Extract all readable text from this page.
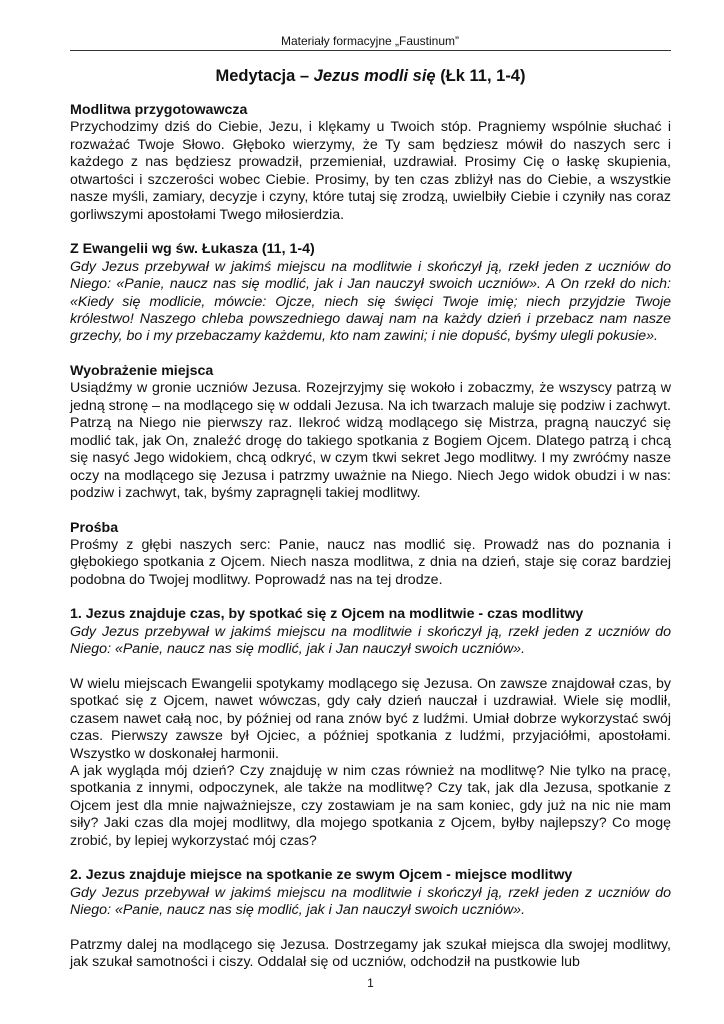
Materiały formacyjne „Faustinum”
Medytacja – Jezus modli się (Łk 11, 1-4)
Modlitwa przygotowawcza

Przychodzimy dziś do Ciebie, Jezu, i klękamy u Twoich stóp. Pragniemy wspólnie słuchać i rozważać Twoje Słowo. Głęboko wierzymy, że Ty sam będziesz mówił do naszych serc i każdego z nas będziesz prowadził, przemieniał, uzdrawiał. Prosimy Cię o łaskę skupienia, otwartości i szczerości wobec Ciebie. Prosimy, by ten czas zbliżył nas do Ciebie, a wszystkie nasze myśli, zamiary, decyzje i czyny, które tutaj się zrodzą, uwielbiły Ciebie i czyniły nas coraz gorliwszymi apostołami Twego miłosierdzia.

Z Ewangelii wg św. Łukasza (11, 1-4)

Gdy Jezus przebywał w jakimś miejscu na modlitwie i skończył ją, rzekł jeden z uczniów do Niego: «Panie, naucz nas się modlić, jak i Jan nauczył swoich uczniów». A On rzekł do nich: «Kiedy się modlicie, mówcie: Ojcze, niech się święci Twoje imię; niech przyjdzie Twoje królestwo! Naszego chleba powszedniego dawaj nam na każdy dzień i przebacz nam nasze grzechy, bo i my przebaczamy każdemu, kto nam zawini; i nie dopuść, byśmy ulegli pokusie».

Wyobrażenie miejsca

Usiądźmy w gronie uczniów Jezusa. Rozejrzyjmy się wokoło i zobaczmy, że wszyscy patrzą w jedną stronę – na modlącego się w oddali Jezusa. Na ich twarzach maluje się podziw i zachwyt. Patrzą na Niego nie pierwszy raz. Ilekroć widzą modlącego się Mistrza, pragną nauczyć się modlić tak, jak On, znaleźć drogę do takiego spotkania z Bogiem Ojcem. Dlatego patrzą i chcą się nasyć Jego widokiem, chcą odkryć, w czym tkwi sekret Jego modlitwy. I my zwróćmy nasze oczy na modlącego się Jezusa i patrzmy uważnie na Niego. Niech Jego widok obudzi i w nas: podziw i zachwyt, tak, byśmy zapragnęli takiej modlitwy.

Prośba

Prośmy z głębi naszych serc: Panie, naucz nas modlić się. Prowadź nas do poznania i głębokiego spotkania z Ojcem. Niech nasza modlitwa, z dnia na dzień, staje się coraz bardziej podobna do Twojej modlitwy. Poprowadź nas na tej drodze.

1. Jezus znajduje czas, by spotkać się z Ojcem na modlitwie - czas modlitwy

Gdy Jezus przebywał w jakimś miejscu na modlitwie i skończył ją, rzekł jeden z uczniów do Niego: «Panie, naucz nas się modlić, jak i Jan nauczył swoich uczniów».

W wielu miejscach Ewangelii spotykamy modlącego się Jezusa. On zawsze znajdował czas, by spotkać się z Ojcem, nawet wówczas, gdy cały dzień nauczał i uzdrawiał. Wiele się modlił, czasem nawet całą noc, by później od rana znów być z ludźmi. Umiał dobrze wykorzystać swój czas. Pierwszy zawsze był Ojciec, a później spotkania z ludźmi, przyjaciółmi, apostołami. Wszystko w doskonałej harmonii.

A jak wygląda mój dzień? Czy znajduję w nim czas również na modlitwę? Nie tylko na pracę, spotkania z innymi, odpoczynek, ale także na modlitwę? Czy tak, jak dla Jezusa, spotkanie z Ojcem jest dla mnie najważniejsze, czy zostawiam je na sam koniec, gdy już na nic nie mam siły? Jaki czas dla mojej modlitwy, dla mojego spotkania z Ojcem, byłby najlepszy? Co mogę zrobić, by lepiej wykorzystać mój czas?

2. Jezus znajduje miejsce na spotkanie ze swym Ojcem - miejsce modlitwy

Gdy Jezus przebywał w jakimś miejscu na modlitwie i skończył ją, rzekł jeden z uczniów do Niego: «Panie, naucz nas się modlić, jak i Jan nauczył swoich uczniów».

Patrzmy dalej na modlącego się Jezusa. Dostrzegamy jak szukał miejsca dla swojej modlitwy, jak szukał samotności i ciszy. Oddalał się od uczniów, odchodził na pustkowie lub

1
